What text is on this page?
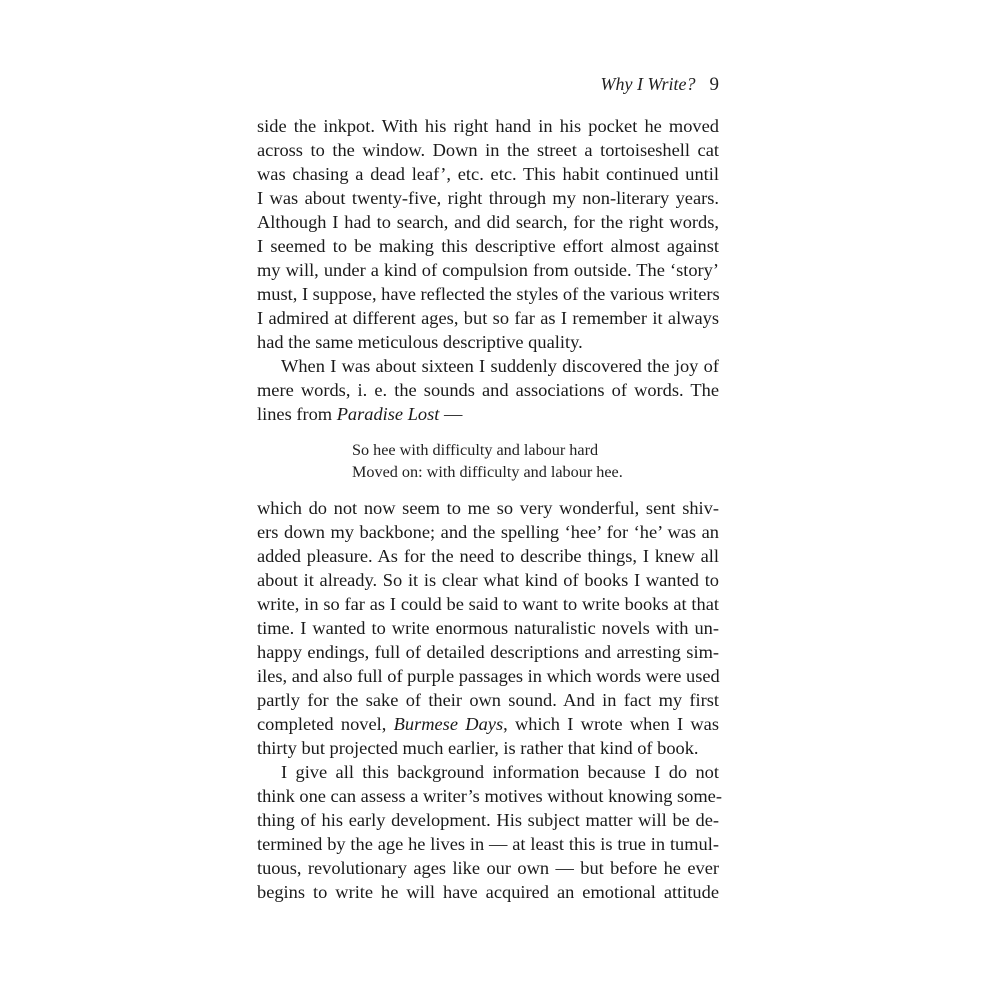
Why I Write? 9
side the inkpot. With his right hand in his pocket he moved
across to the window. Down in the street a tortoiseshell cat
was chasing a dead leaf’, etc. etc. This habit continued until
I was about twenty-five, right through my non-literary years.
Although I had to search, and did search, for the right words,
I seemed to be making this descriptive effort almost against
my will, under a kind of compulsion from outside. The ‘story’
must, I suppose, have reflected the styles of the various writers
I admired at different ages, but so far as I remember it always
had the same meticulous descriptive quality.
When I was about sixteen I suddenly discovered the joy of
mere words, i. e. the sounds and associations of words. The
lines from Paradise Lost —
So hee with difficulty and labour hard
Moved on: with difficulty and labour hee.
which do not now seem to me so very wonderful, sent shiv-
ers down my backbone; and the spelling ‘hee’ for ‘he’ was an
added pleasure. As for the need to describe things, I knew all
about it already. So it is clear what kind of books I wanted to
write, in so far as I could be said to want to write books at that
time. I wanted to write enormous naturalistic novels with un-
happy endings, full of detailed descriptions and arresting sim-
iles, and also full of purple passages in which words were used
partly for the sake of their own sound. And in fact my first
completed novel, Burmese Days, which I wrote when I was
thirty but projected much earlier, is rather that kind of book.
I give all this background information because I do not
think one can assess a writer’s motives without knowing some-
thing of his early development. His subject matter will be de-
termined by the age he lives in — at least this is true in tumul-
tuous, revolutionary ages like our own — but before he ever
begins to write he will have acquired an emotional attitude
